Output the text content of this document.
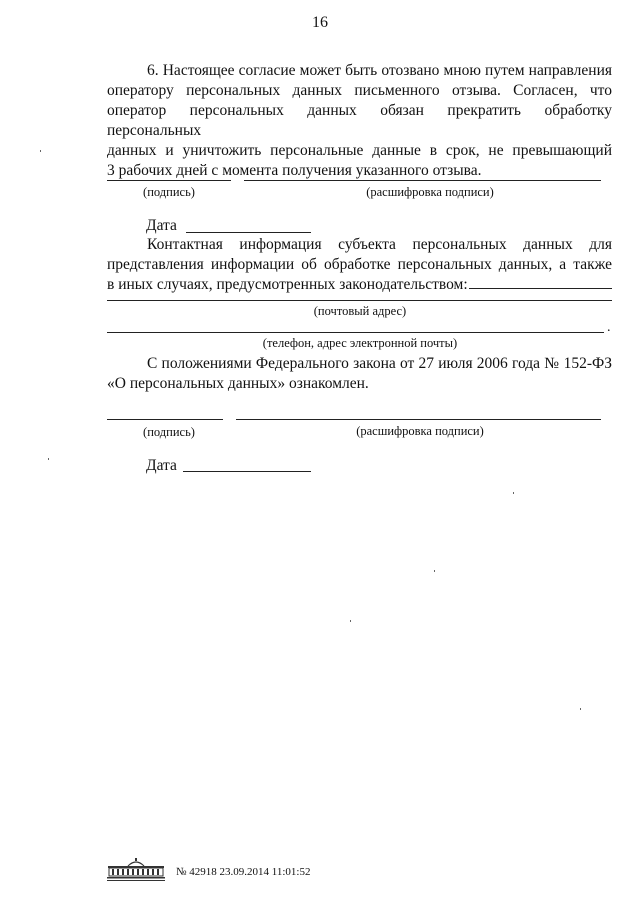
16
6. Настоящее согласие может быть отозвано мною путем направления
оператору персональных данных письменного отзыва. Согласен, что
оператор персональных данных обязан прекратить обработку персональных
данных и уничтожить персональные данные в срок, не превышающий
3 рабочих дней с момента получения указанного отзыва.
(подпись)	(расшифровка подписи)
Дата
Контактная информация субъекта персональных данных для
представления информации об обработке персональных данных, а также
в иных случаях, предусмотренных законодательством:
(почтовый адрес)
.
(телефон, адрес электронной почты)
С положениями Федерального закона от 27 июля 2006 года № 152-ФЗ
«О персональных данных» ознакомлен.
(подпись)	(расшифровка подписи)
Дата
№ 42918 23.09.2014 11:01:52
